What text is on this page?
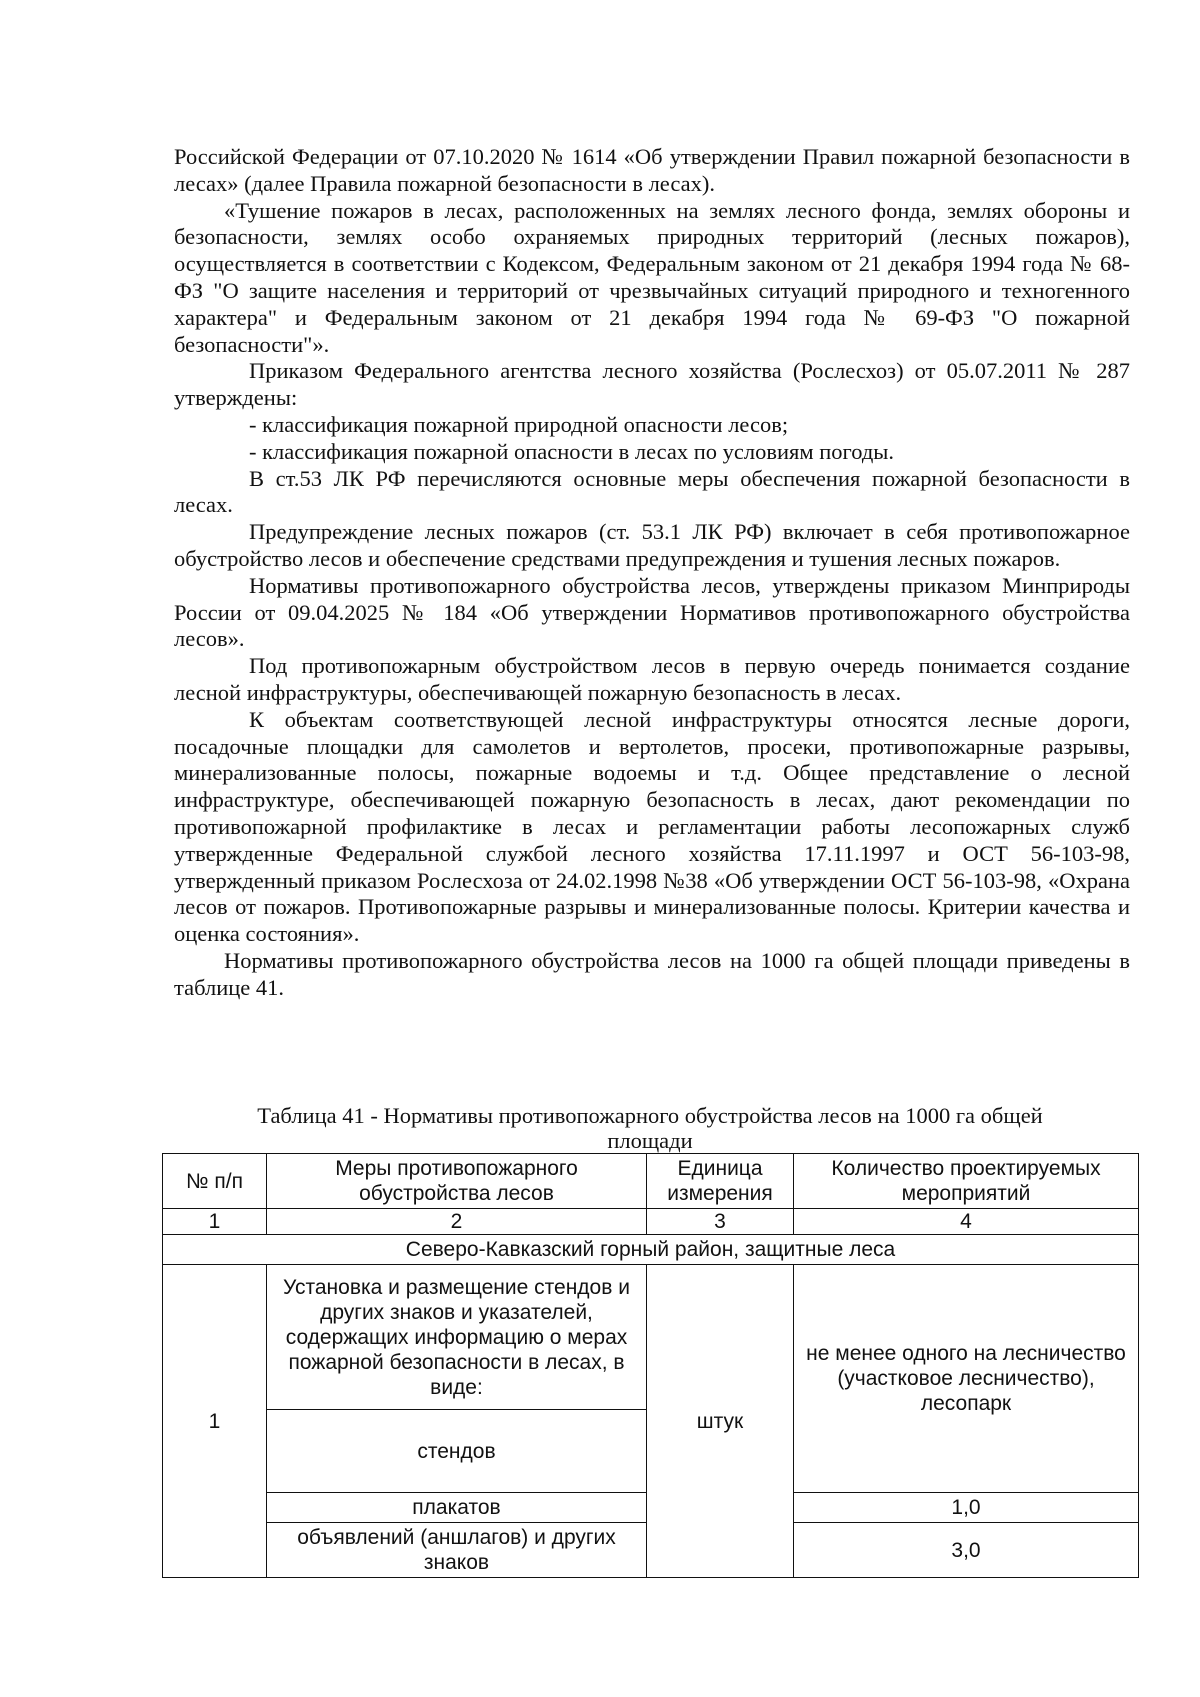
Российской Федерации от 07.10.2020 № 1614 «Об утверждении Правил пожарной безопасности в лесах» (далее Правила пожарной безопасности в лесах).

«Тушение пожаров в лесах, расположенных на землях лесного фонда, землях обороны и безопасности, землях особо охраняемых природных территорий (лесных пожаров), осуществляется в соответствии с Кодексом, Федеральным законом от 21 декабря 1994 года № 68-ФЗ "О защите населения и территорий от чрезвычайных ситуаций природного и техногенного характера" и Федеральным законом от 21 декабря 1994 года № 69-ФЗ "О пожарной безопасности"».

Приказом Федерального агентства лесного хозяйства (Рослесхоз) от 05.07.2011 № 287 утверждены:

- классификация пожарной природной опасности лесов;

- классификация пожарной опасности в лесах по условиям погоды.

В ст.53 ЛК РФ перечисляются основные меры обеспечения пожарной безопасности в лесах.

Предупреждение лесных пожаров (ст. 53.1 ЛК РФ) включает в себя противопожарное обустройство лесов и обеспечение средствами предупреждения и тушения лесных пожаров.

Нормативы противопожарного обустройства лесов, утверждены приказом Минприроды России от 09.04.2025 № 184 «Об утверждении Нормативов противопожарного обустройства лесов».

Под противопожарным обустройством лесов в первую очередь понимается создание лесной инфраструктуры, обеспечивающей пожарную безопасность в лесах.

К объектам соответствующей лесной инфраструктуры относятся лесные дороги, посадочные площадки для самолетов и вертолетов, просеки, противопожарные разрывы, минерализованные полосы, пожарные водоемы и т.д. Общее представление о лесной инфраструктуре, обеспечивающей пожарную безопасность в лесах, дают рекомендации по противопожарной профилактике в лесах и регламентации работы лесопожарных служб утвержденные Федеральной службой лесного хозяйства 17.11.1997 и ОСТ 56-103-98, утвержденный приказом Рослесхоза от 24.02.1998 №38 «Об утверждении ОСТ 56-103-98, «Охрана лесов от пожаров. Противопожарные разрывы и минерализованные полосы. Критерии качества и оценка состояния».

Нормативы противопожарного обустройства лесов на 1000 га общей площади приведены в таблице 41.

Таблица 41 - Нормативы противопожарного обустройства лесов на 1000 га общей площади
№ п/п	Меры противопожарного обустройства лесов	Единица измерения	Количество проектируемых мероприятий
1	2	3	4
Северо-Кавказский горный район, защитные леса			
1	Установка и размещение стендов и других знаков и указателей, содержащих информацию о мерах пожарной безопасности в лесах, в виде:	штук	не менее одного на лесничество (участковое лесничество), лесопарк
	стендов		
	плакатов		1,0
	объявлений (аншлагов) и других знаков		3,0
